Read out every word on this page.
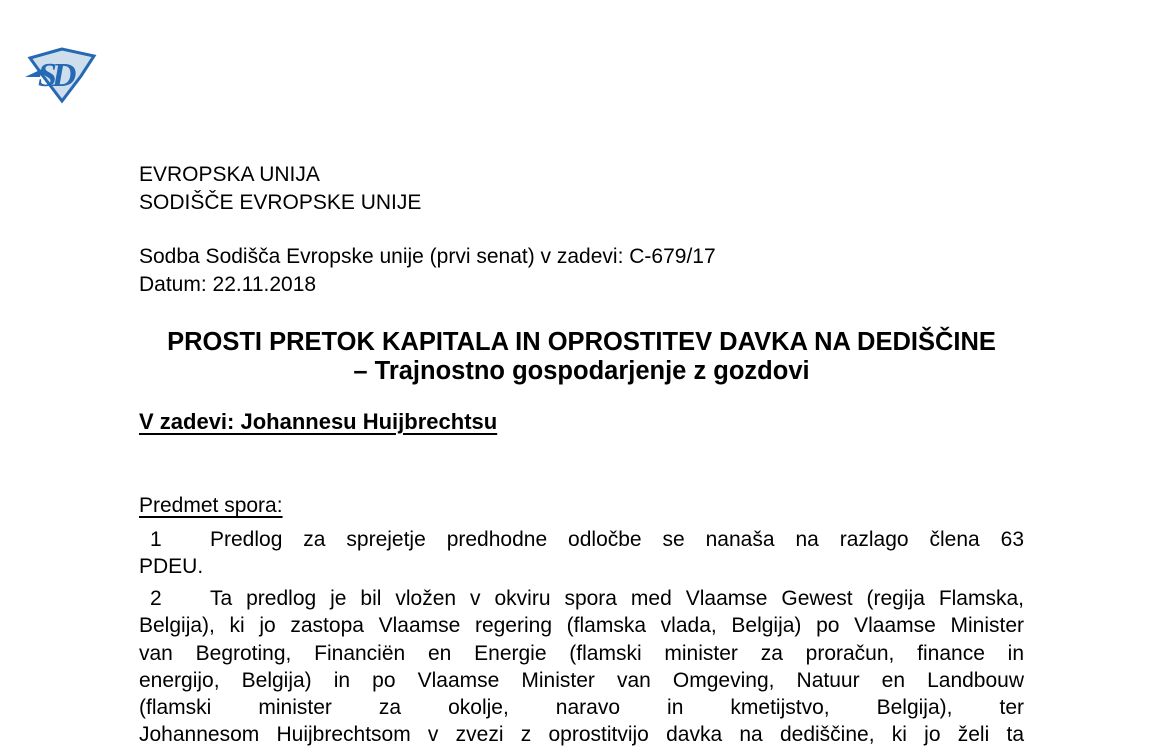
SD
EVROPSKA UNIJA
SODIŠČE EVROPSKE UNIJE
Sodba Sodišča Evropske unije (prvi senat) v zadevi: C-679/17
Datum: 22.11.2018
PROSTI PRETOK KAPITALA IN OPROSTITEV DAVKA NA DEDIŠČINE – Trajnostno gospodarjenje z gozdovi
V zadevi: Johannesu Huijbrechtsu
Predmet spora:
1 Predlog za sprejetje predhodne odločbe se nanaša na razlago člena 63
PDEU.
2 Ta predlog je bil vložen v okviru spora med Vlaamse Gewest (regija Flamska,
Belgija), ki jo zastopa Vlaamse regering (flamska vlada, Belgija) po Vlaamse Minister
van Begroting, Financiën en Energie (flamski minister za proračun, finance in
energijo, Belgija) in po Vlaamse Minister van Omgeving, Natuur en Landbouw
(flamski minister za okolje, naravo in kmetijstvo, Belgija), ter
Johannesom Huijbrechtsom v zvezi z oprostitvijo davka na dediščine, ki jo želi ta
